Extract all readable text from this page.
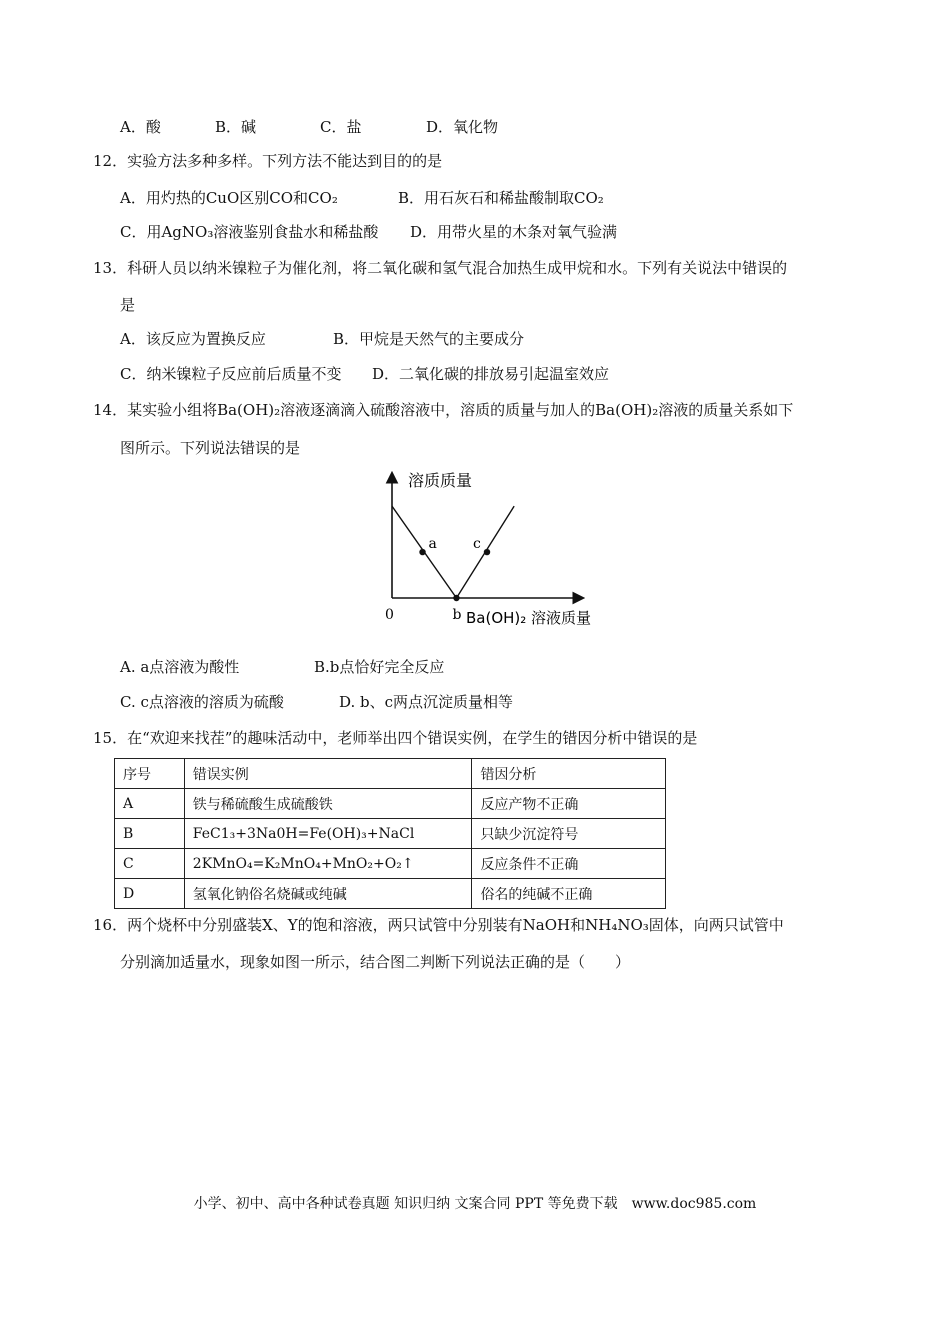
A．酸	B．碱	C．盐	D．氧化物
12．实验方法多种多样。下列方法不能达到目的的是
A．用灼热的CuO区别CO和CO₂	B．用石灰石和稀盐酸制取CO₂
C．用AgNO₃溶液鉴别食盐水和稀盐酸 D．用带火星的木条对氧气验满
13．科研人员以纳米镍粒子为催化剂，将二氧化碳和氢气混合加热生成甲烷和水。下列有关说法中错误的
是
A．该反应为置换反应	B．甲烷是天然气的主要成分
C．纳米镍粒子反应前后质量不变 D．二氧化碳的排放易引起温室效应
14．某实验小组将Ba(OH)₂溶液逐滴滴入硫酸溶液中，溶质的质量与加人的Ba(OH)₂溶液的质量关系如下
图所示。下列说法错误的是
溶质质量
Ba(OH)₂ 溶液质量
0
a
b
c
A. a点溶液为酸性	B.b点恰好完全反应
C. c点溶液的溶质为硫酸	D. b、c两点沉淀质量相等
15．在“欢迎来找茬”的趣味活动中，老师举出四个错误实例，在学生的错因分析中错误的是
序号	错误实例	错因分析
A	铁与稀硫酸生成硫酸铁	反应产物不正确
B	FeC1₃+3Na0H=Fe(OH)₃+NaCl	只缺少沉淀符号
C	2KMnO₄=K₂MnO₄+MnO₂+O₂↑	反应条件不正确
D	氢氧化钠俗名烧碱或纯碱	俗名的纯碱不正确
16．两个烧杯中分别盛装X、Y的饱和溶液，两只试管中分别装有NaOH和NH₄NO₃固体，向两只试管中
分别滴加适量水，现象如图一所示，结合图二判断下列说法正确的是（　　）
小学、初中、高中各种试卷真题 知识归纳 文案合同 PPT 等免费下载　www.doc985.com
